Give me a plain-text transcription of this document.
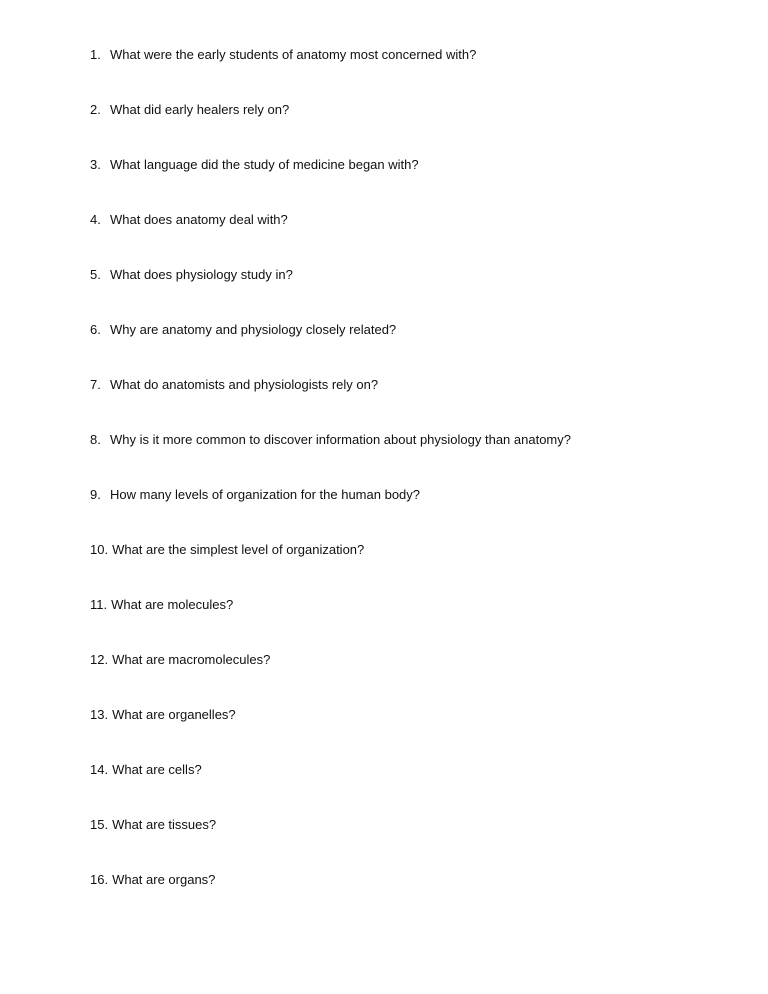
1. What were the early students of anatomy most concerned with?
2. What did early healers rely on?
3. What language did the study of medicine began with?
4. What does anatomy deal with?
5. What does physiology study in?
6. Why are anatomy and physiology closely related?
7. What do anatomists and physiologists rely on?
8. Why is it more common to discover information about physiology than anatomy?
9. How many levels of organization for the human body?
10. What are the simplest level of organization?
11. What are molecules?
12. What are macromolecules?
13. What are organelles?
14. What are cells?
15. What are tissues?
16. What are organs?
